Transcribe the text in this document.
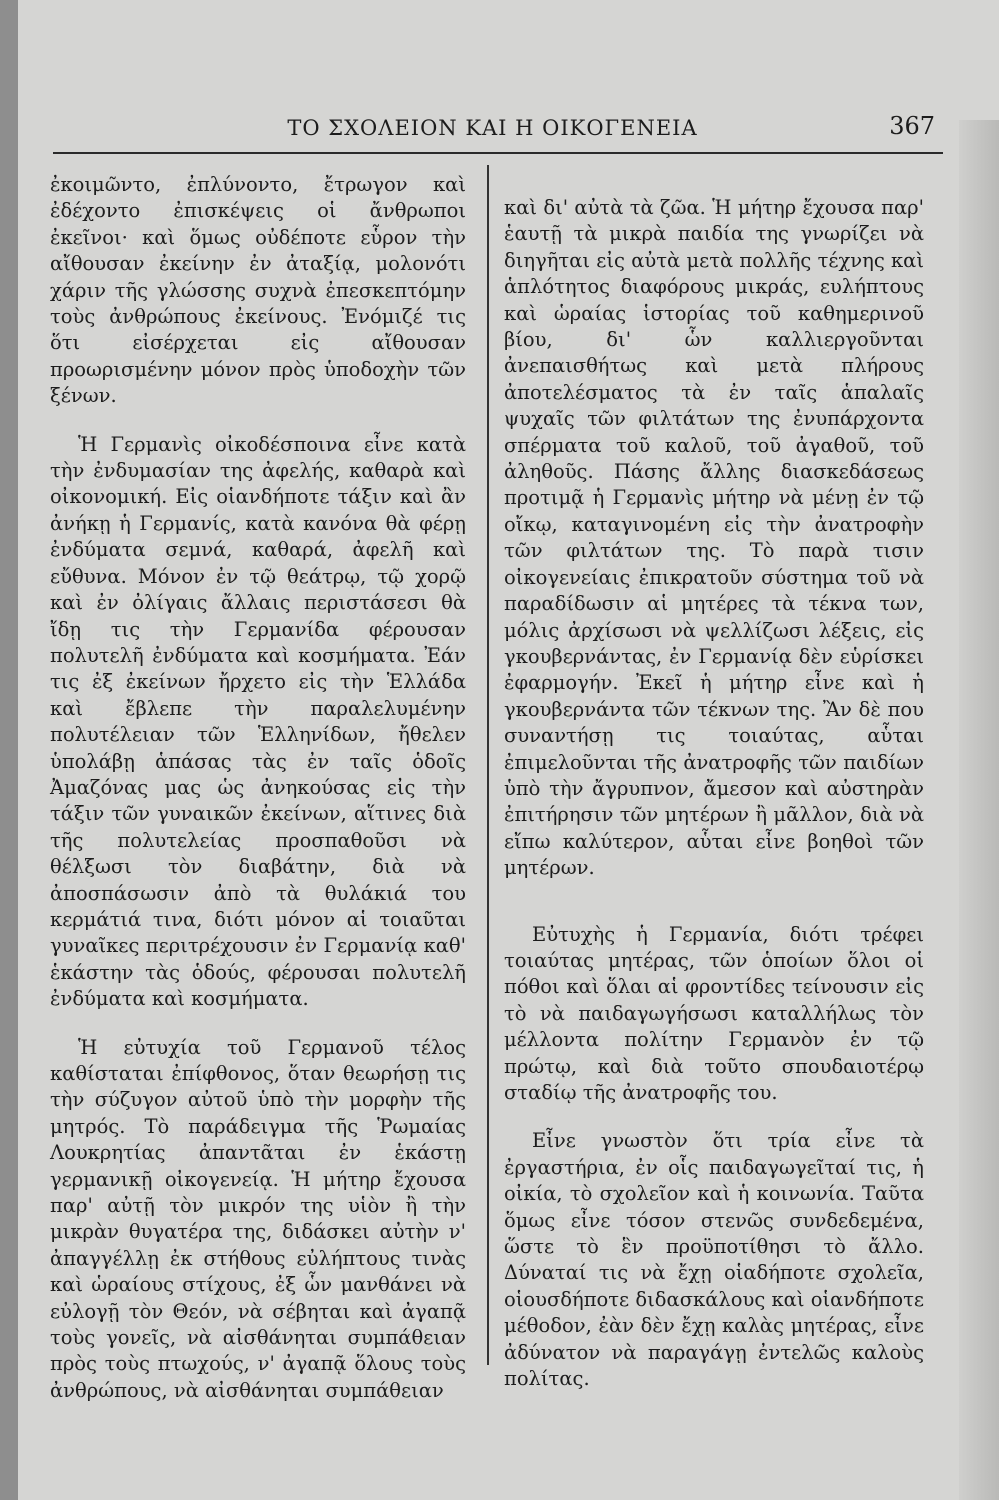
ΤΟ ΣΧΟΛΕΙΟΝ ΚΑΙ Η ΟΙΚΟΓΕΝΕΙΑ	367

ἐκοιμῶντο, ἐπλύνοντο, ἔτρωγον καὶ ἐδέχοντο ἐπισκέψεις οἱ ἄνθρωποι ἐκεῖνοι· καὶ ὅμως οὐδέποτε εὗρον τὴν αἴθουσαν ἐκείνην ἐν ἀταξίᾳ, μολονότι χάριν τῆς γλώσσης συχνὰ ἐπεσκεπτόμην τοὺς ἀνθρώπους ἐκείνους. Ἐνόμιζέ τις ὅτι εἰσέρχεται εἰς αἴθουσαν προωρισμένην μόνον πρὸς ὑποδοχὴν τῶν ξένων.

Ἡ Γερμανὶς οἰκοδέσποινα εἶνε κατὰ τὴν ἐνδυμασίαν της ἀφελής, καθαρὰ καὶ οἰκονομική. Εἰς οἱανδήποτε τάξιν καὶ ἂν ἀνήκῃ ἡ Γερμανίς, κατὰ κανόνα θὰ φέρῃ ἐνδύματα σεμνά, καθαρά, ἀφελῆ καὶ εὔθυνα. Μόνον ἐν τῷ θεάτρῳ, τῷ χορῷ καὶ ἐν ὀλίγαις ἄλλαις περιστάσεσι θὰ ἴδῃ τις τὴν Γερμανίδα φέρουσαν πολυτελῆ ἐνδύματα καὶ κοσμήματα. Ἐάν τις ἐξ ἐκείνων ἤρχετο εἰς τὴν Ἑλλάδα καὶ ἔβλεπε τὴν παραλελυμένην πολυτέλειαν τῶν Ἑλληνίδων, ἤθελεν ὑπολάβῃ ἁπάσας τὰς ἐν ταῖς ὁδοῖς Ἀμαζόνας μας ὡς ἀνηκούσας εἰς τὴν τάξιν τῶν γυναικῶν ἐκείνων, αἵτινες διὰ τῆς πολυτελείας προσπαθοῦσι νὰ θέλξωσι τὸν διαβάτην, διὰ νὰ ἀποσπάσωσιν ἀπὸ τὰ θυλάκιά του κερμάτιά τινα, διότι μόνον αἱ τοιαῦται γυναῖκες περιτρέχουσιν ἐν Γερμανίᾳ καθ' ἑκάστην τὰς ὁδούς, φέρουσαι πολυτελῆ ἐνδύματα καὶ κοσμήματα.

Ἡ εὐτυχία τοῦ Γερμανοῦ τέλος καθίσταται ἐπίφθονος, ὅταν θεωρήσῃ τις τὴν σύζυγον αὐτοῦ ὑπὸ τὴν μορφὴν τῆς μητρός. Τὸ παράδειγμα τῆς Ῥωμαίας Λουκρητίας ἀπαντᾶται ἐν ἑκάστῃ γερμανικῇ οἰκογενείᾳ. Ἡ μήτηρ ἔχουσα παρ' αὐτῇ τὸν μικρόν της υἱὸν ἢ τὴν μικρὰν θυγατέρα της, διδάσκει αὐτὴν ν' ἀπαγγέλλῃ ἐκ στήθους εὐλήπτους τινὰς καὶ ὡραίους στίχους, ἐξ ὧν μανθάνει νὰ εὐλογῇ τὸν Θεόν, νὰ σέβηται καὶ ἀγαπᾷ τοὺς γονεῖς, νὰ αἰσθάνηται συμπάθειαν πρὸς τοὺς πτωχούς, ν' ἀγαπᾷ ὅλους τοὺς ἀνθρώπους, νὰ αἰσθάνηται συμπάθειαν

καὶ δι' αὐτὰ τὰ ζῶα. Ἡ μήτηρ ἔχουσα παρ' ἑαυτῇ τὰ μικρὰ παιδία της γνωρίζει νὰ διηγῆται εἰς αὐτὰ μετὰ πολλῆς τέχνης καὶ ἁπλότητος διαφόρους μικράς, ευλήπτους καὶ ὡραίας ἱστορίας τοῦ καθημερινοῦ βίου, δι' ὧν καλλιεργοῦνται ἀνεπαισθήτως καὶ μετὰ πλήρους ἀποτελέσματος τὰ ἐν ταῖς ἁπαλαῖς ψυχαῖς τῶν φιλτάτων της ἐνυπάρχοντα σπέρματα τοῦ καλοῦ, τοῦ ἀγαθοῦ, τοῦ ἀληθοῦς. Πάσης ἄλλης διασκεδάσεως προτιμᾷ ἡ Γερμανὶς μήτηρ νὰ μένῃ ἐν τῷ οἴκῳ, καταγινομένη εἰς τὴν ἀνατροφὴν τῶν φιλτάτων της. Τὸ παρὰ τισιν οἰκογενείαις ἐπικρατοῦν σύστημα τοῦ νὰ παραδίδωσιν αἱ μητέρες τὰ τέκνα των, μόλις ἀρχίσωσι νὰ ψελλίζωσι λέξεις, εἰς γκουβερνάντας, ἐν Γερμανίᾳ δὲν εὑρίσκει ἐφαρμογήν. Ἐκεῖ ἡ μήτηρ εἶνε καὶ ἡ γκουβερνάντα τῶν τέκνων της. Ἂν δὲ που συναντήσῃ τις τοιαύτας, αὗται ἐπιμελοῦνται τῆς ἀνατροφῆς τῶν παιδίων ὑπὸ τὴν ἄγρυπνον, ἄμεσον καὶ αὐστηρὰν ἐπιτήρησιν τῶν μητέρων ἢ μᾶλλον, διὰ νὰ εἴπω καλύτερον, αὗται εἶνε βοηθοὶ τῶν μητέρων.

Εὐτυχὴς ἡ Γερμανία, διότι τρέφει τοιαύτας μητέρας, τῶν ὁποίων ὅλοι οἱ πόθοι καὶ ὅλαι αἱ φροντίδες τείνουσιν εἰς τὸ νὰ παιδαγωγήσωσι καταλλήλως τὸν μέλλοντα πολίτην Γερμανὸν ἐν τῷ πρώτῳ, καὶ διὰ τοῦτο σπουδαιοτέρῳ σταδίῳ τῆς ἀνατροφῆς του.

Εἶνε γνωστὸν ὅτι τρία εἶνε τὰ ἐργαστήρια, ἐν οἷς παιδαγωγεῖταί τις, ἡ οἰκία, τὸ σχολεῖον καὶ ἡ κοινωνία. Ταῦτα ὅμως εἶνε τόσον στενῶς συνδεδεμένα, ὥστε τὸ ἓν προϋποτίθησι τὸ ἄλλο. Δύναταί τις νὰ ἔχῃ οἱαδήποτε σχολεῖα, οἱουσδήποτε διδασκάλους καὶ οἱανδήποτε μέθοδον, ἐὰν δὲν ἔχῃ καλὰς μητέρας, εἶνε ἀδύνατον νὰ παραγάγῃ ἐντελῶς καλοὺς πολίτας.
